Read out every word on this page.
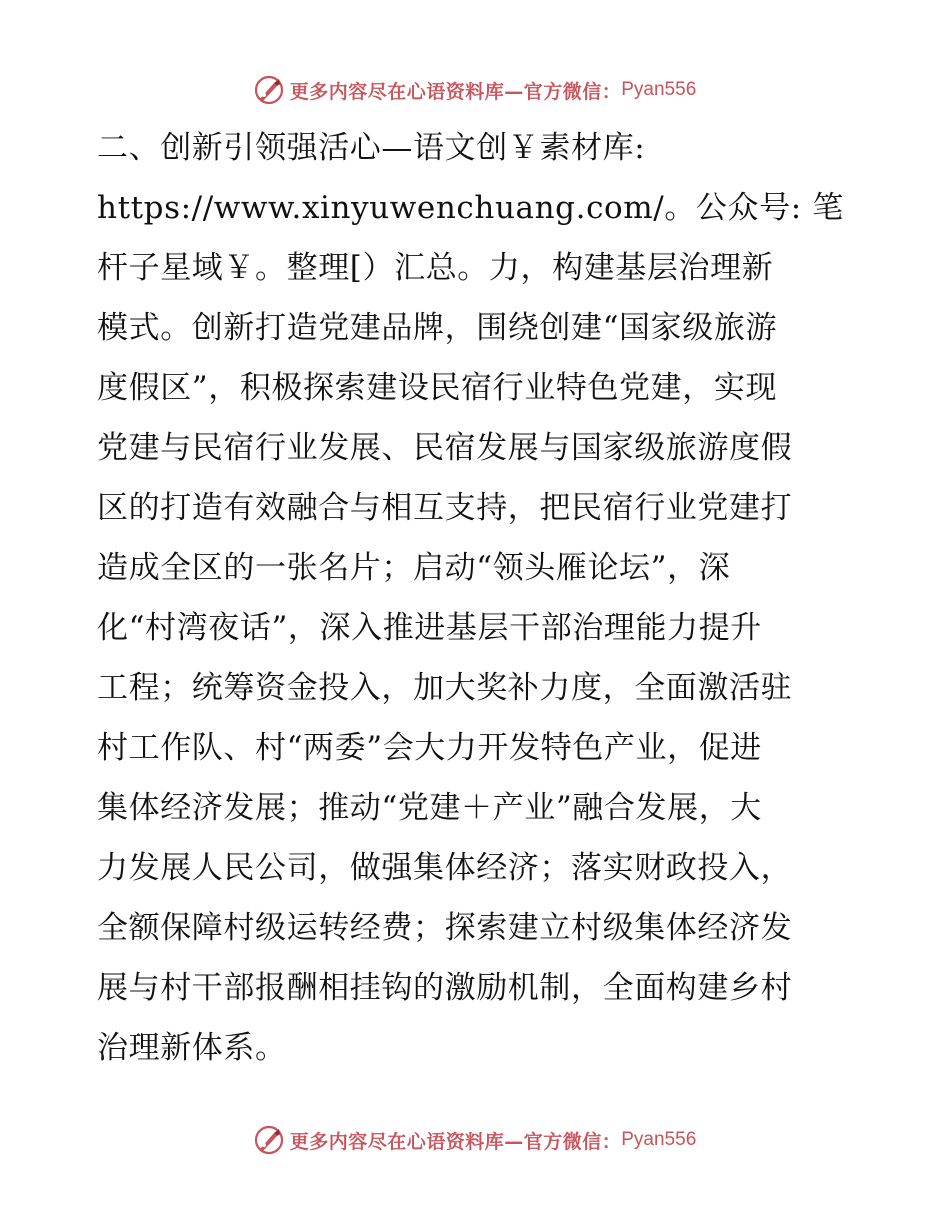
更多内容尽在心语资料库—官方微信： Pyan556
二、创新引领强活心—语文创￥素材库:
https://www.xinyuwenchuang.com/。公众号: 笔
杆子星域￥。整理[）汇总。力，构建基层治理新
模式。创新打造党建品牌，围绕创建“国家级旅游
度假区”，积极探索建设民宿行业特色党建，实现
党建与民宿行业发展、民宿发展与国家级旅游度假
区的打造有效融合与相互支持，把民宿行业党建打
造成全区的一张名片；启动“领头雁论坛”，深
化“村湾夜话”，深入推进基层干部治理能力提升
工程；统筹资金投入，加大奖补力度，全面激活驻
村工作队、村“两委”会大力开发特色产业，促进
集体经济发展；推动“党建＋产业”融合发展，大
力发展人民公司，做强集体经济；落实财政投入，
全额保障村级运转经费；探索建立村级集体经济发
展与村干部报酬相挂钩的激励机制，全面构建乡村
治理新体系。
更多内容尽在心语资料库—官方微信： Pyan556
